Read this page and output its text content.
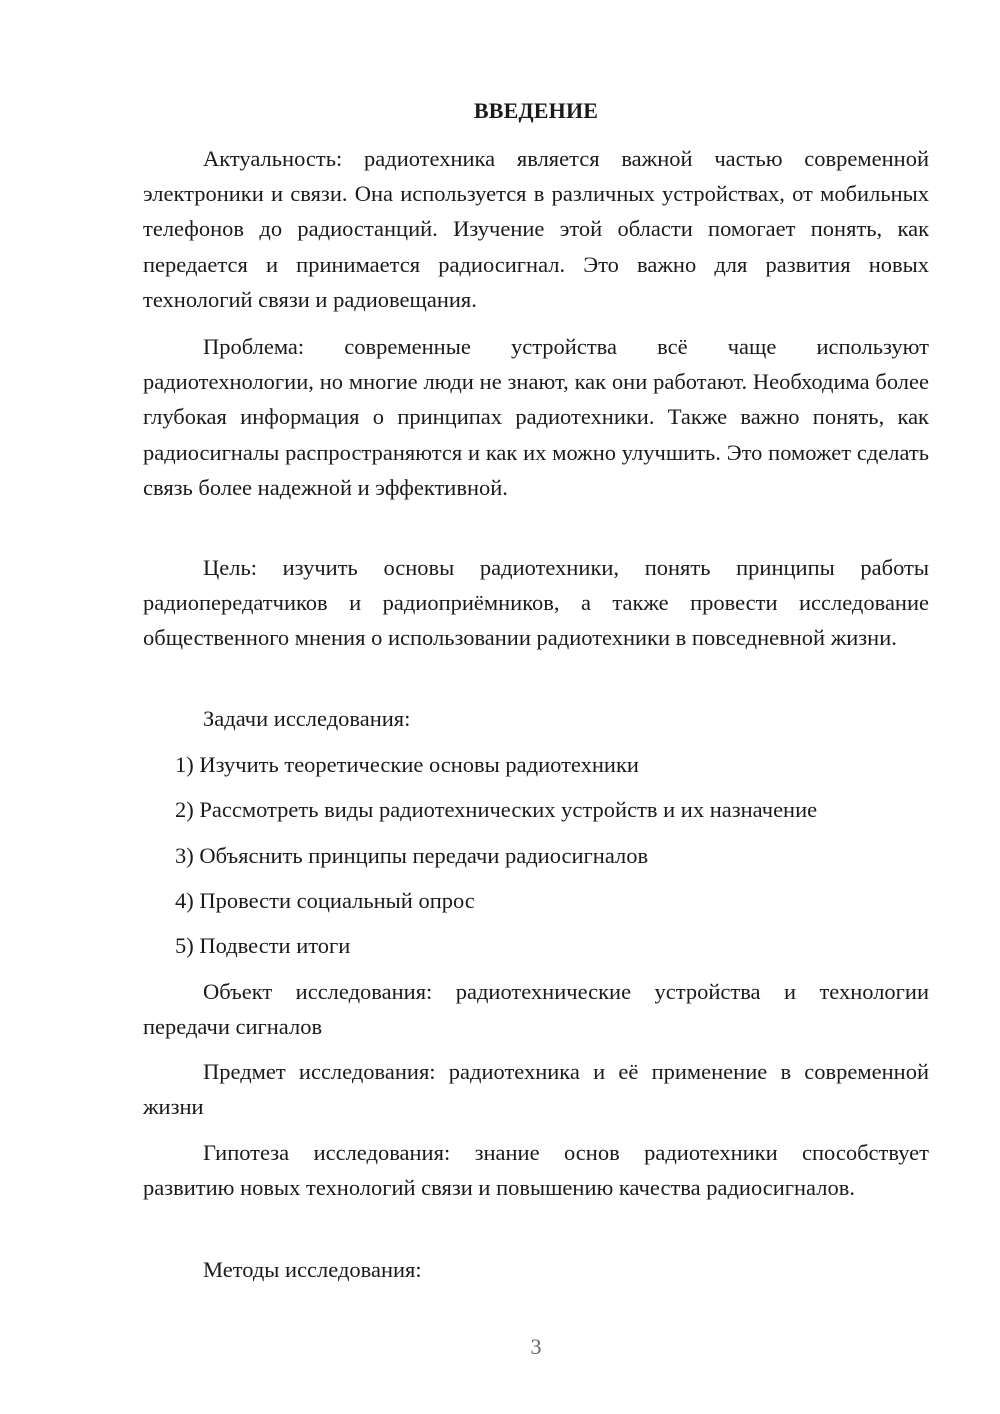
ВВЕДЕНИЕ

Актуальность: радиотехника является важной частью современной электроники и связи. Она используется в различных устройствах, от мобильных телефонов до радиостанций. Изучение этой области помогает понять, как передается и принимается радиосигнал. Это важно для развития новых технологий связи и радиовещания.

Проблема: современные устройства всё чаще используют радиотехнологии, но многие люди не знают, как они работают. Необходима более глубокая информация о принципах радиотехники. Также важно понять, как радиосигналы распространяются и как их можно улучшить. Это поможет сделать связь более надежной и эффективной.

Цель: изучить основы радиотехники, понять принципы работы радиопередатчиков и радиоприёмников, а также провести исследование общественного мнения о использовании радиотехники в повседневной жизни.

Задачи исследования:

1) Изучить теоретические основы радиотехники

2) Рассмотреть виды радиотехнических устройств и их назначение

3) Объяснить принципы передачи радиосигналов

4) Провести социальный опрос

5) Подвести итоги

Объект исследования: радиотехнические устройства и технологии передачи сигналов

Предмет исследования: радиотехника и её применение в современной жизни

Гипотеза исследования: знание основ радиотехники способствует развитию новых технологий связи и повышению качества радиосигналов.

Методы исследования:

3
